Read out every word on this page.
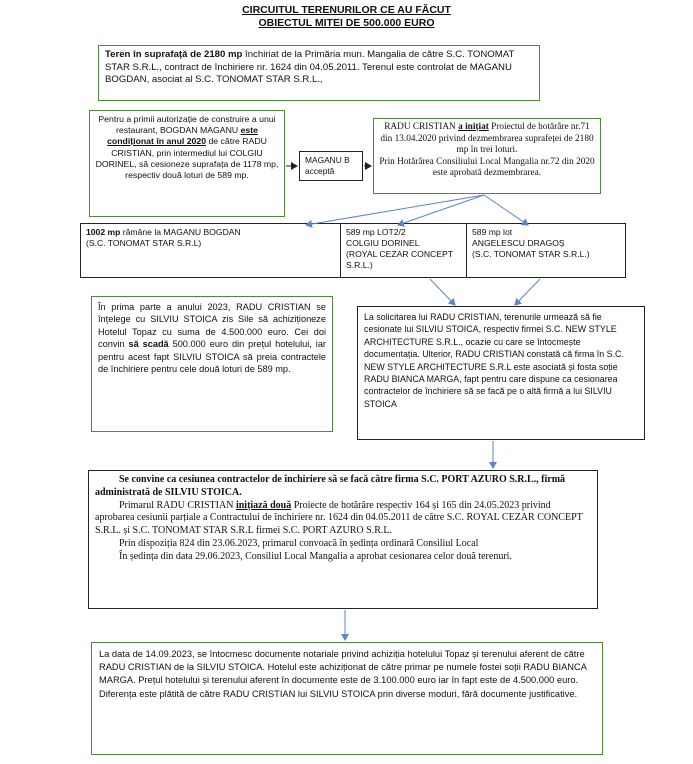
CIRCUITUL TERENURILOR CE AU FĂCUT
OBIECTUL MITEI DE 500.000 EURO
Teren în suprafață de 2180 mp închiriat de la Primăria mun. Mangalia de către S.C. TONOMAT STAR S.R.L., contract de închiriere nr. 1624 din 04.05.2011. Terenul este controlat de MAGANU BOGDAN, asociat al S.C. TONOMAT STAR S.R.L.,
Pentru a primii autorizație de construire a unui restaurant, BOGDAN MAGANU este condiționat în anul 2020 de către RADU CRISTIAN, prin intermediul lui COLGIU DORINEL, să cesioneze suprafața de 1178 mp, respectiv două loturi de 589 mp.
MAGANU B
acceptă
RADU CRISTIAN a inițiat Proiectul de hotărâre nr.71 din 13.04.2020 privind dezmembrarea suprafeței de 2180 mp în trei loturi.
Prin Hotărârea Consiliului Local Mangalia nr.72 din 2020 este aprobată dezmembrarea.
1002 mp rămâne la MAGANU BOGDAN
(S.C. TONOMAT STAR S.R.L)
589 mp LOT2/2
COLGIU DORINEL
(ROYAL CEZAR CONCEPT S.R.L.)
589 mp lot
ANGELESCU DRAGOȘ
(S.C. TONOMAT STAR S.R.L.)
În prima parte a anului 2023, RADU CRISTIAN se înțelege cu SILVIU STOICA zis Sile să achiziționeze Hotelul Topaz cu suma de 4.500.000 euro. Cei doi convin să scadă 500.000 euro din prețul hotelului, iar pentru acest fapt SILVIU STOICA să preia contractele de închiriere pentru cele două loturi de 589 mp.
La solicitarea lui RADU CRISTIAN, terenurile urmează să fie cesionate lui SILVIU STOICA, respectiv firmei S.C. NEW STYLE ARCHITECTURE S.R.L., ocazie cu care se întocmește documentația. Ulterior, RADU CRISTIAN constată că firma în S.C. NEW STYLE ARCHITECTURE S.R.L este asociată și fosta soție RADU BIANCA MARGA, fapt pentru care dispune ca cesionarea contractelor de închiriere să se facă pe o altă firmă a lui SILVIU STOICA
Se convine ca cesiunea contractelor de închiriere să se facă către firma S.C. PORT AZURO S.R.L., firmă administrată de SILVIU STOICA.
Primarul RADU CRISTIAN inițiază două Proiecte de hotărâre respectiv 164 și 165 din 24.05.2023 privind aprobarea cesiunii parțiale a Contractului de închiriere nr. 1624 din 04.05.2011 de către S.C. ROYAL CEZAR CONCEPT S.R.L. și S.C. TONOMAT STAR S.R.L firmei S.C. PORT AZURO S.R.L.
Prin dispoziția 824 din 23.06.2023, primarul convoacă în ședința ordinară Consiliul Local
În ședința din data 29.06.2023, Consiliul Local Mangalia a aprobat cesionarea celor două terenuri.
La data de 14.09.2023, se întocmesc documente notariale privind achiziția hotelului Topaz și terenului aferent de către RADU CRISTIAN de la SILVIU STOICA. Hotelul este achiziționat de către primar pe numele fostei soții RADU BIANCA MARGA. Prețul hotelului și terenului aferent în documente este de 3.100.000 euro iar în fapt este de 4.500.000 euro. Diferența este plătită de către RADU CRISTIAN lui SILVIU STOICA prin diverse moduri, fără documente justificative.
